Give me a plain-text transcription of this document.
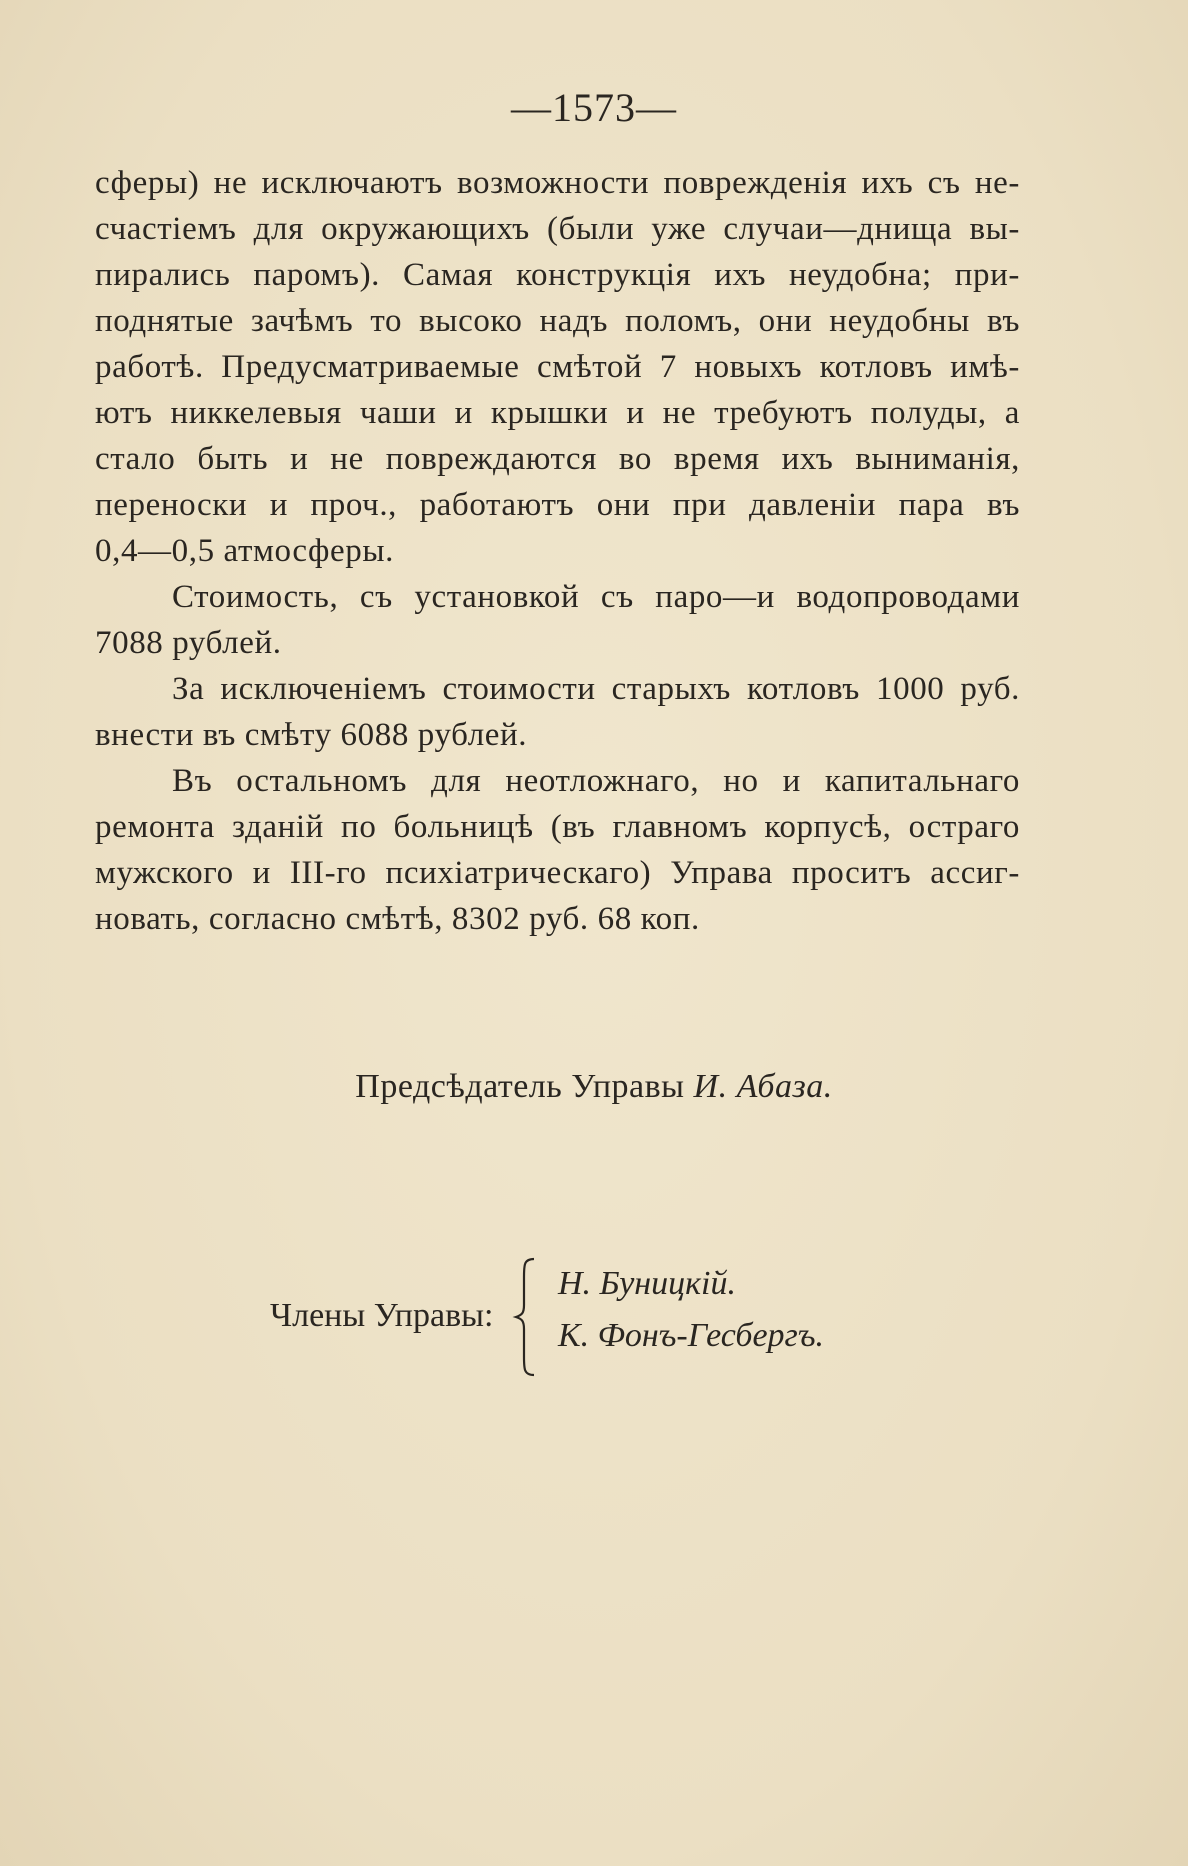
—1573—
сферы) не исключаютъ возможности поврежденія ихъ съ не-
счастіемъ для окружающихъ (были уже случаи—днища вы-
пирались паромъ). Самая конструкція ихъ неудобна; при-
поднятые зачѣмъ то высоко надъ поломъ, они неудобны въ
работѣ. Предусматриваемые смѣтой 7 новыхъ котловъ имѣ-
ютъ никкелевыя чаши и крышки и не требуютъ полуды, а
стало быть и не повреждаются во время ихъ выниманія,
переноски и проч., работаютъ они при давленіи пара въ
0,4—0,5 атмосферы.
Стоимость, съ установкой съ паро—и водопроводами
7088 рублей.
За исключеніемъ стоимости старыхъ котловъ 1000 руб.
внести въ смѣту 6088 рублей.
Въ остальномъ для неотложнаго, но и капитальнаго
ремонта зданій по больницѣ (въ главномъ корпусѣ, остраго
мужского и III-го психіатрическаго) Управа проситъ ассиг-
новать, согласно смѣтѣ, 8302 руб. 68 коп.
Предсѣдатель Управы И. Абаза.
Члены Управы:
Н. Буницкій.
К. Фонъ-Гесбергъ.
